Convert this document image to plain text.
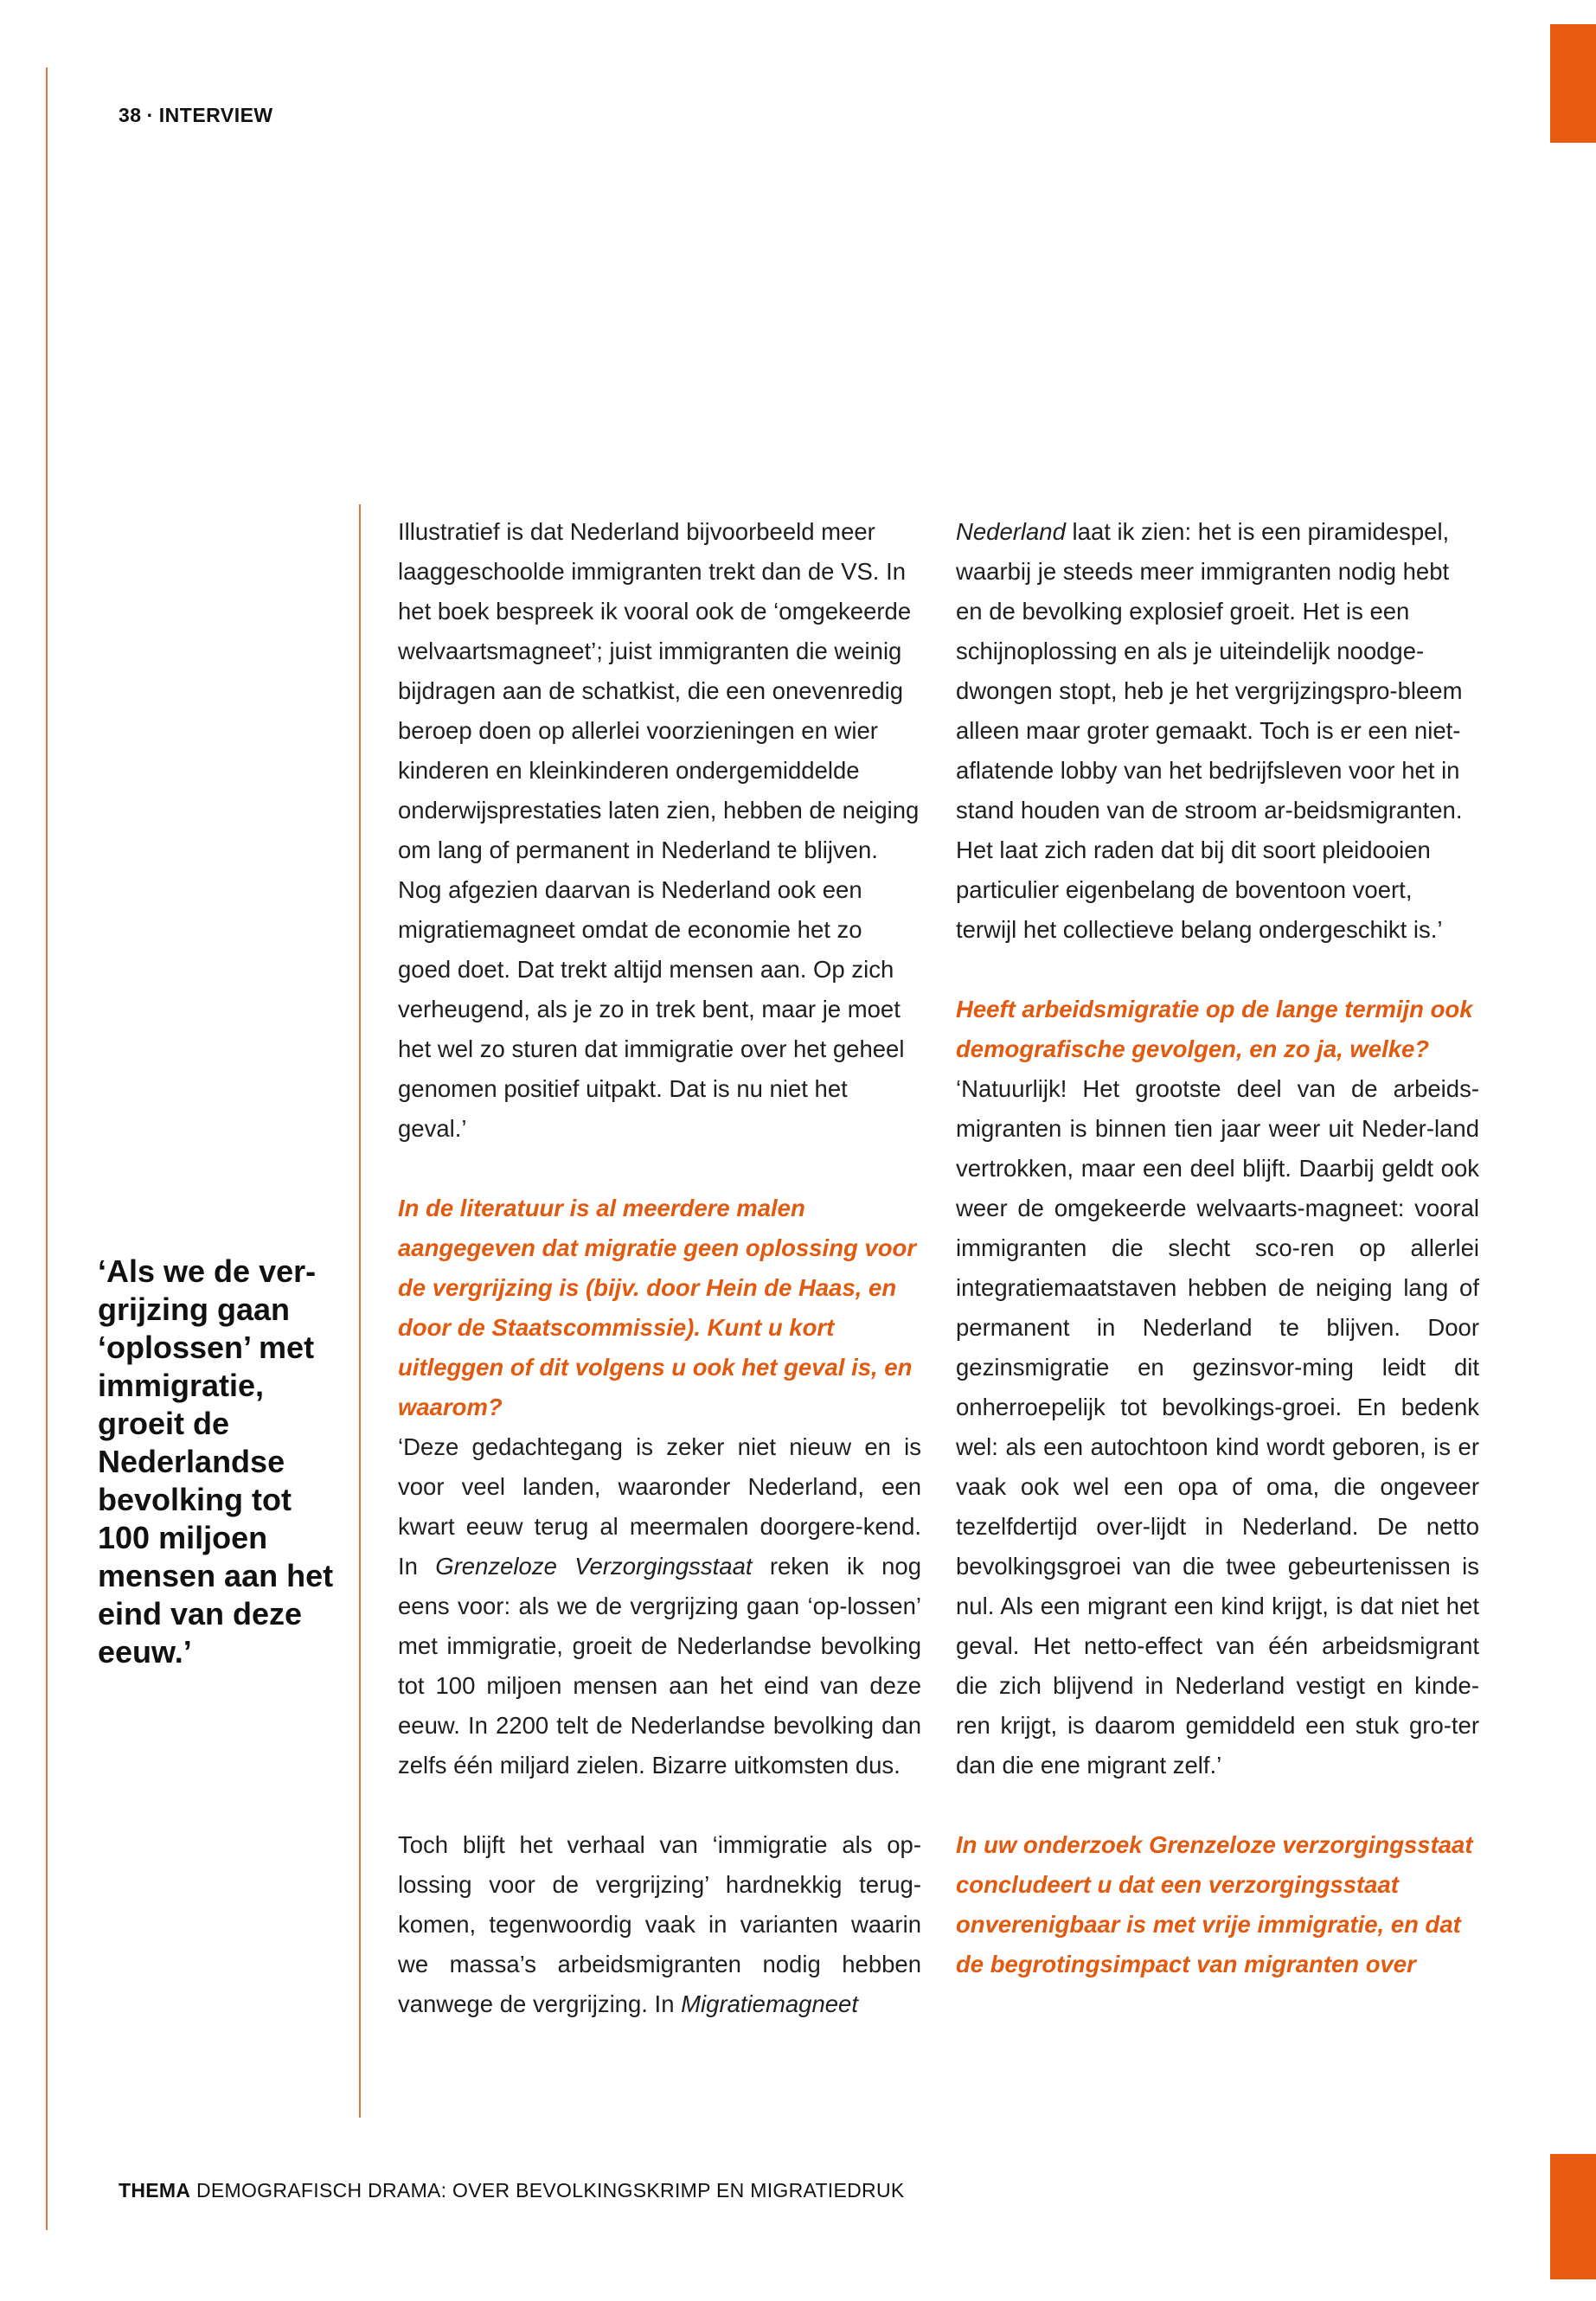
38 · INTERVIEW
‘Als we de ver-grijzing gaan ‘oplossen’ met immigratie, groeit de Nederlandse bevolking tot 100 miljoen mensen aan het eind van deze eeuw.’

Illustratief is dat Nederland bijvoorbeeld meer laaggeschoolde immigranten trekt dan de VS. In het boek bespreek ik vooral ook de ‘omgekeerde welvaartsmagneet’; juist immigranten die weinig bijdragen aan de schatkist, die een onevenredig beroep doen op allerlei voorzieningen en wier kinderen en kleinkinderen ondergemiddelde onderwijsprestaties laten zien, hebben de neiging om lang of permanent in Nederland te blijven. Nog afgezien daarvan is Nederland ook een migratiemagneet omdat de economie het zo goed doet. Dat trekt altijd mensen aan. Op zich verheugend, als je zo in trek bent, maar je moet het wel zo sturen dat immigratie over het geheel genomen positief uitpakt. Dat is nu niet het geval.’

In de literatuur is al meerdere malen aangegeven dat migratie geen oplossing voor de vergrijzing is (bijv. door Hein de Haas, en door de Staatscommissie). Kunt u kort uitleggen of dit volgens u ook het geval is, en waarom?

‘Deze gedachtegang is zeker niet nieuw en is voor veel landen, waaronder Nederland, een kwart eeuw terug al meermalen doorgere-kend. In Grenzeloze Verzorgingsstaat reken ik nog eens voor: als we de vergrijzing gaan ‘op-lossen’ met immigratie, groeit de Nederlandse bevolking tot 100 miljoen mensen aan het eind van deze eeuw. In 2200 telt de Nederlandse bevolking dan zelfs één miljard zielen. Bizarre uitkomsten dus.

Toch blijft het verhaal van ‘immigratie als op-lossing voor de vergrijzing’ hardnekkig terug-komen, tegenwoordig vaak in varianten waarin we massa’s arbeidsmigranten nodig hebben vanwege de vergrijzing. In Migratiemagneet

Nederland laat ik zien: het is een piramidespel, waarbij je steeds meer immigranten nodig hebt en de bevolking explosief groeit. Het is een schijnoplossing en als je uiteindelijk noodge-dwongen stopt, heb je het vergrijzingspro-bleem alleen maar groter gemaakt. Toch is er een niet-aflatende lobby van het bedrijfsleven voor het in stand houden van de stroom ar-beidsmigranten. Het laat zich raden dat bij dit soort pleidooien particulier eigenbelang de boventoon voert, terwijl het collectieve belang ondergeschikt is.’

Heeft arbeidsmigratie op de lange termijn ook demografische gevolgen, en zo ja, welke?

‘Natuurlijk! Het grootste deel van de arbeids-migranten is binnen tien jaar weer uit Neder-land vertrokken, maar een deel blijft. Daarbij geldt ook weer de omgekeerde welvaarts-magneet: vooral immigranten die slecht sco-ren op allerlei integratiemaatstaven hebben de neiging lang of permanent in Nederland te blijven. Door gezinsmigratie en gezinsvor-ming leidt dit onherroepelijk tot bevolkings-groei. En bedenk wel: als een autochtoon kind wordt geboren, is er vaak ook wel een opa of oma, die ongeveer tezelfdertijd over-lijdt in Nederland. De netto bevolkingsgroei van die twee gebeurtenissen is nul. Als een migrant een kind krijgt, is dat niet het geval. Het netto-effect van één arbeidsmigrant die zich blijvend in Nederland vestigt en kinde-ren krijgt, is daarom gemiddeld een stuk gro-ter dan die ene migrant zelf.’

In uw onderzoek Grenzeloze verzorgingsstaat concludeert u dat een verzorgingsstaat onverenigbaar is met vrije immigratie, en dat de begrotingsimpact van migranten over

THEMA DEMOGRAFISCH DRAMA: OVER BEVOLKINGSKRIMP EN MIGRATIEDRUK
